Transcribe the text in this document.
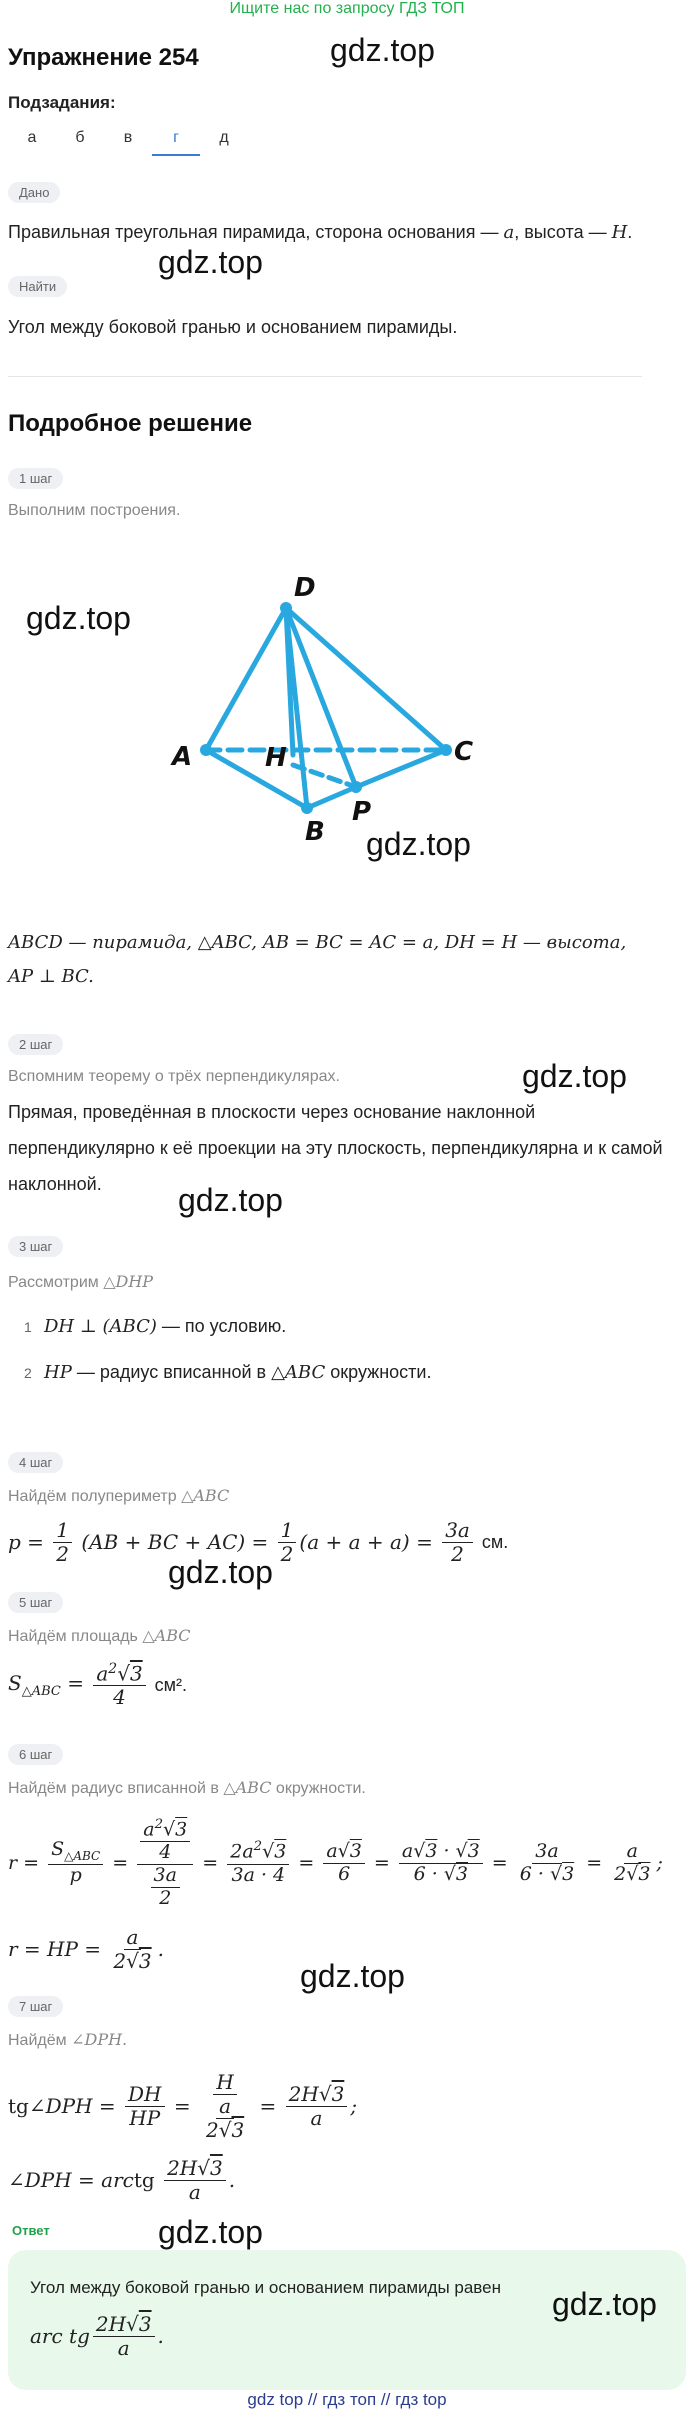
Ищите нас по запросу ГДЗ ТОП
Упражнение 254	gdz.top
Подзадания:
а	б	в	г	д
Дано
Правильная треугольная пирамида, сторона основания — a, высота — H.
Найти
gdz.top
Угол между боковой гранью и основанием пирамиды.
Подробное решение
1 шаг
Выполним построения.
gdz.top
D
A	H	C
B
P
gdz.top
ABCD — пирамида, △ABC, AB = BC = AC = a, DH = H — высота,
AP ⊥ BC.
2 шаг
Вспомним теорему о трёх перпендикулярах.	gdz.top
Прямая, проведённая в плоскости через основание наклонной
перпендикулярно к её проекции на эту плоскость, перпендикулярна и к самой
наклонной. gdz.top
3 шаг
Рассмотрим △DHP
1 DH ⊥ (ABC) — по условию.
2 HP — радиус вписанной в △ABC окружности.
4 шаг
Найдём полупериметр △ABC
$p = \frac{1}{2} (AB$ + BC + $AC) = \frac{1}{2} (a + a + a) = \frac{3a}{2}$ см.
gdz.top
5 шаг
Найдём площадь △ABC
$S_{\triangle ABC} = \frac{a^2√3}{4} см^2$.
6 шаг
Найдём радиус вписанной в △ABC окружности.
$r = \frac{S_{\triangle ABC}}{p} = \frac{\frac{a^2√3}{4}}{\frac{3a}{2}} = \frac{2a^2√3}{3a \cdot 4} = \frac{a√3}{6} = \frac{a√3 \cdot √3}{6 \cdot √3} = \frac{3a}{6 \cdot √3} = \frac{a}{2√3}$ ;
r = HP = $\frac{a}{2√3}$ .
gdz.top
7 шаг
Найдём ∠DPH.
tg∠DPH = $\frac{DH}{HP} = \frac{H}{\frac{a}{2√3}} = \frac{2H√3}{a}$ ;
∠DPH = arctg $\frac{2H√3}{a}$ .
Ответ	gdz.top
Угол между боковой гранью и основанием пирамиды равен
arc tg $\frac{2H√3}{a}$ .
gdz.top
gdz top // гдз топ // гдз top
